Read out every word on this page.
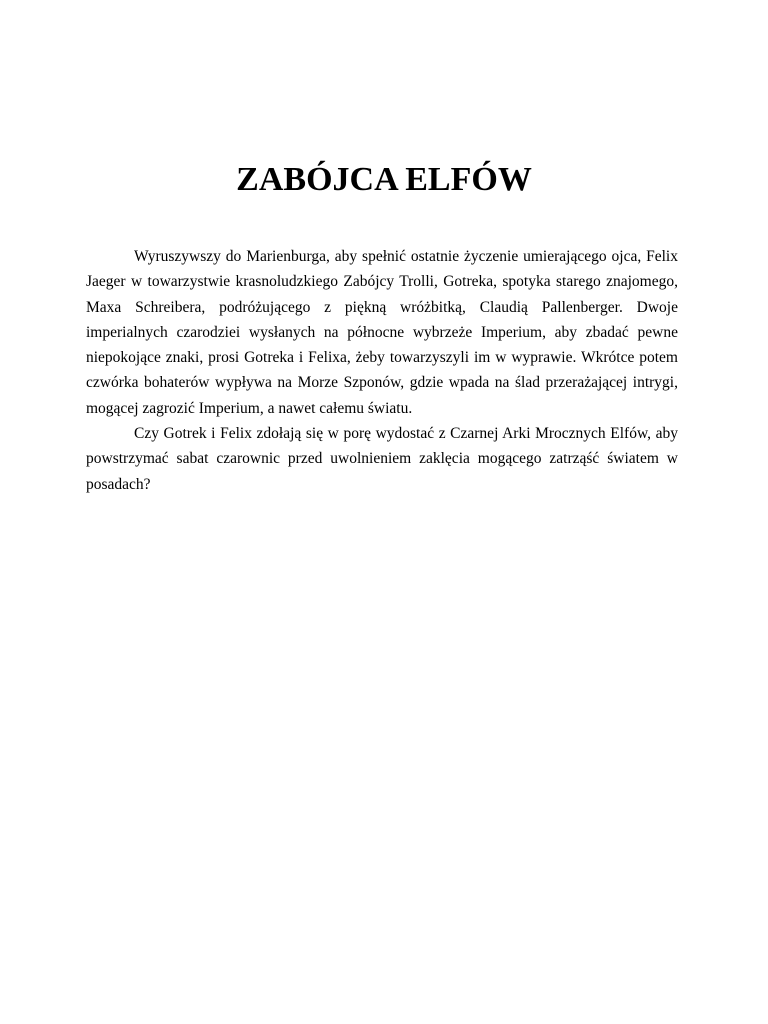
ZABÓJCA ELFÓW

Wyruszywszy do Marienburga, aby spełnić ostatnie życzenie umierającego ojca, Felix Jaeger w towarzystwie krasnoludzkiego Zabójcy Trolli, Gotreka, spotyka starego znajomego, Maxa Schreibera, podróżującego z piękną wróżbitką, Claudią Pallenberger. Dwoje imperialnych czarodziei wysłanych na północne wybrzeże Imperium, aby zbadać pewne niepokojące znaki, prosi Gotreka i Felixa, żeby towarzyszyli im w wyprawie. Wkrótce potem czwórka bohaterów wypływa na Morze Szponów, gdzie wpada na ślad przerażającej intrygi, mogącej zagrozić Imperium, a nawet całemu światu.

Czy Gotrek i Felix zdołają się w porę wydostać z Czarnej Arki Mrocznych Elfów, aby powstrzymać sabat czarownic przed uwolnieniem zaklęcia mogącego zatrząść światem w posadach?
